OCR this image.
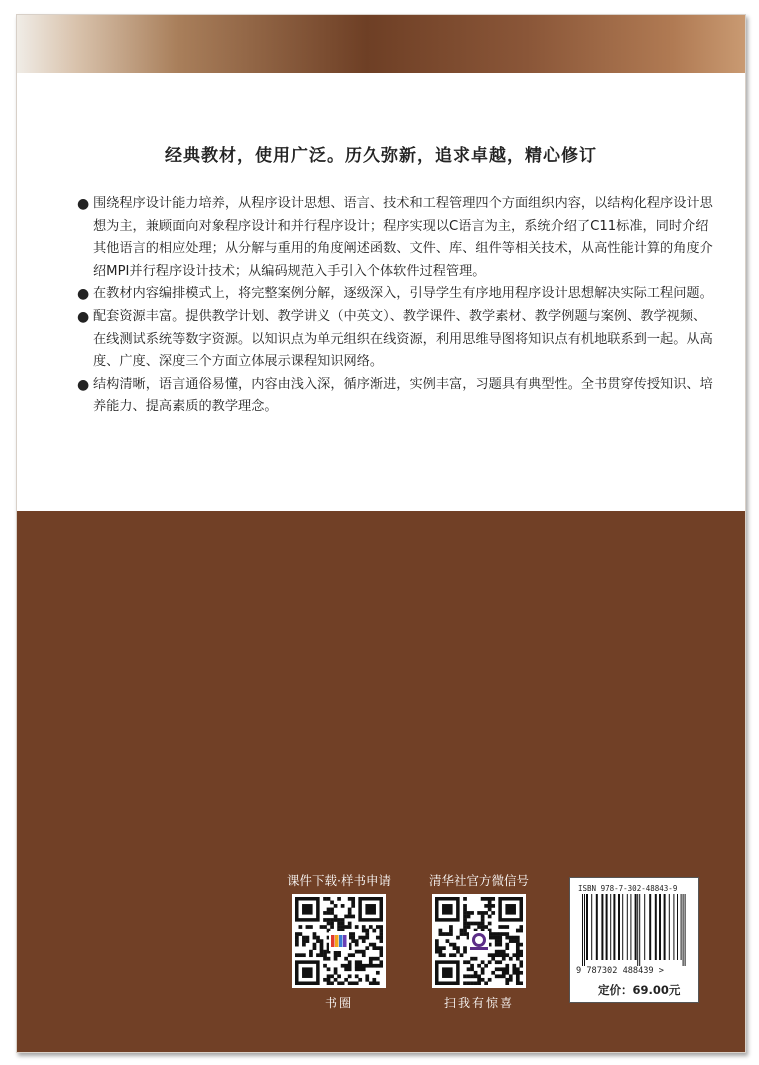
经典教材，使用广泛。历久弥新，追求卓越，精心修订
● 围绕程序设计能力培养，从程序设计思想、语言、技术和工程管理四个方面组织内容，以结构化程序设计思想为主，兼顾面向对象程序设计和并行程序设计；程序实现以C语言为主，系统介绍了C11标准，同时介绍其他语言的相应处理；从分解与重用的角度阐述函数、文件、库、组件等相关技术，从高性能计算的角度介绍MPI并行程序设计技术；从编码规范入手引入个体软件过程管理。
● 在教材内容编排模式上，将完整案例分解，逐级深入，引导学生有序地用程序设计思想解决实际工程问题。
● 配套资源丰富。提供教学计划、教学讲义（中英文）、教学课件、教学素材、教学例题与案例、教学视频、在线测试系统等数字资源。以知识点为单元组织在线资源，利用思维导图将知识点有机地联系到一起。从高度、广度、深度三个方面立体展示课程知识网络。
● 结构清晰，语言通俗易懂，内容由浅入深，循序渐进，实例丰富，习题具有典型性。全书贯穿传授知识、培养能力、提高素质的教学理念。
课件下载·样书申请
书圈
清华社官方微信号
扫我有惊喜
ISBN 978-7-302-48843-9
9 787302 488439 >
定价：69.00元
